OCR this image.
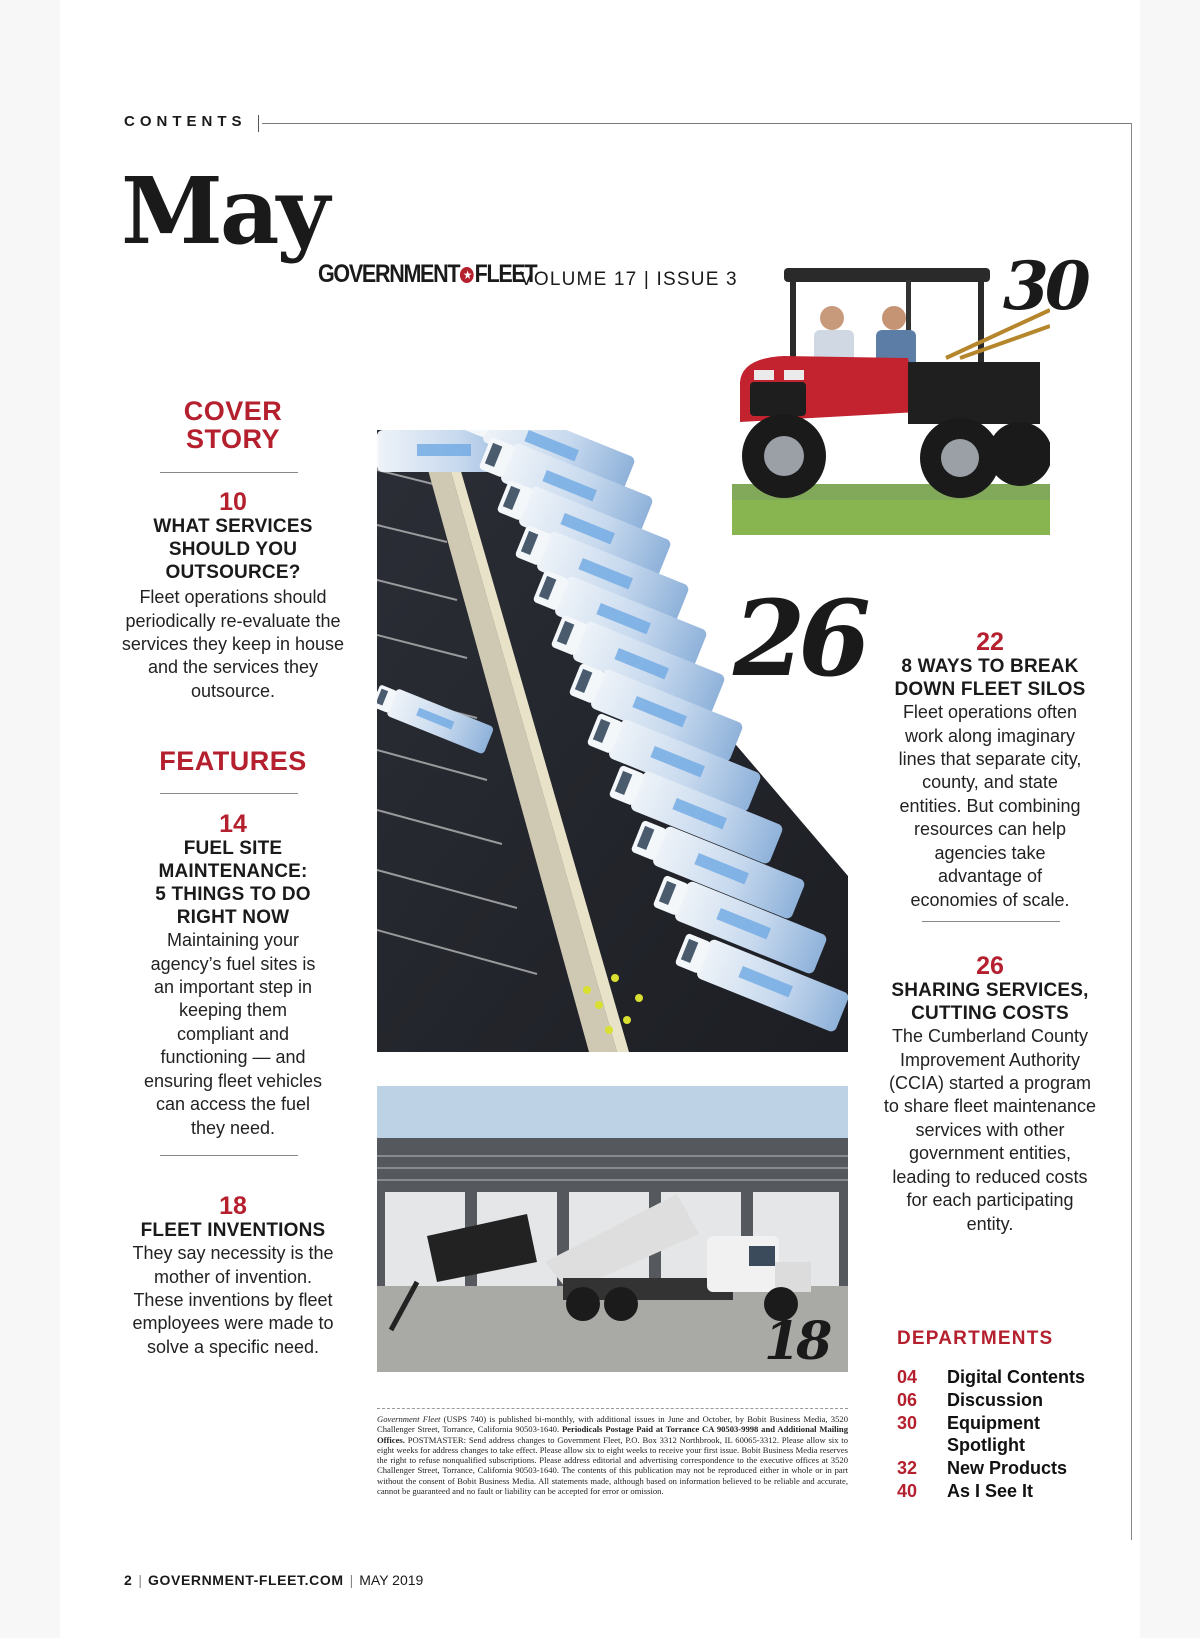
CONTENTS
May
GOVERNMENT ★ FLEET
VOLUME 17 | ISSUE 3
COVER
STORY
10
WHAT SERVICES SHOULD YOU OUTSOURCE?
Fleet operations should periodically re-evaluate the services they keep in house and the services they outsource.
FEATURES
14
FUEL SITE MAINTENANCE: 5 THINGS TO DO RIGHT NOW
Maintaining your agency’s fuel sites is an important step in keeping them compliant and functioning — and ensuring fleet vehicles can access the fuel they need.
18
FLEET INVENTIONS
They say necessity is the mother of invention. These inventions by fleet employees were made to solve a specific need.
30
26
18
22
8 WAYS TO BREAK DOWN FLEET SILOS
Fleet operations often work along imaginary lines that separate city, county, and state entities. But combining resources can help agencies take advantage of economies of scale.
26
SHARING SERVICES, CUTTING COSTS
The Cumberland County Improvement Authority (CCIA) started a program to share fleet maintenance services with other government entities, leading to reduced costs for each participating entity.
DEPARTMENTS
04	Digital Contents
06	Discussion
30	Equipment Spotlight
32	New Products
40	As I See It
Government Fleet (USPS 740) is published bi-monthly, with additional issues in June and October, by Bobit Business Media, 3520 Challenger Street, Torrance, California 90503-1640. Periodicals Postage Paid at Torrance CA 90503-9998 and Additional Mailing Offices. POSTMASTER: Send address changes to Government Fleet, P.O. Box 3312 Northbrook, IL 60065-3312. Please allow six to eight weeks for address changes to take effect. Please allow six to eight weeks to receive your first issue. Bobit Business Media reserves the right to refuse nonqualified subscriptions. Please address editorial and advertising correspondence to the executive offices at 3520 Challenger Street, Torrance, California 90503-1640. The contents of this publication may not be reproduced either in whole or in part without the consent of Bobit Business Media. All statements made, although based on information believed to be reliable and accurate, cannot be guaranteed and no fault or liability can be accepted for error or omission.
2 | GOVERNMENT-FLEET.COM | MAY 2019
